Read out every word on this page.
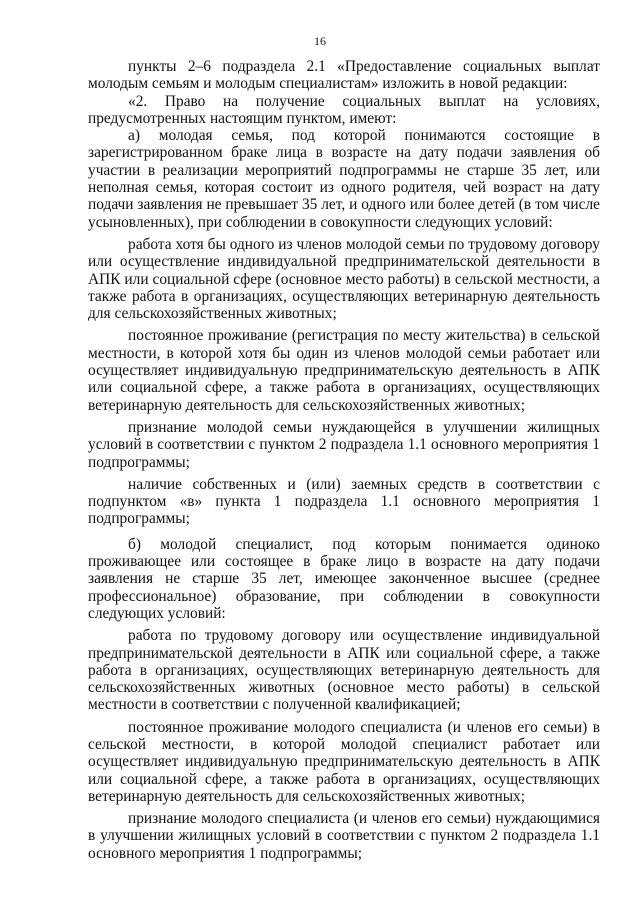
16

пункты 2–6 подраздела 2.1 «Предоставление социальных выплат молодым семьям и молодым специалистам» изложить в новой редакции:

«2. Право на получение социальных выплат на условиях, предусмотренных настоящим пунктом, имеют:

а) молодая семья, под которой понимаются состоящие в зарегистрированном браке лица в возрасте на дату подачи заявления об участии в реализации мероприятий подпрограммы не старше 35 лет, или неполная семья, которая состоит из одного родителя, чей возраст на дату подачи заявления не превышает 35 лет, и одного или более детей (в том числе усыновленных), при соблюдении в совокупности следующих условий:

работа хотя бы одного из членов молодой семьи по трудовому договору или осуществление индивидуальной предпринимательской деятельности в АПК или социальной сфере (основное место работы) в сельской местности, а также работа в организациях, осуществляющих ветеринарную деятельность для сельскохозяйственных животных;

постоянное проживание (регистрация по месту жительства) в сельской местности, в которой хотя бы один из членов молодой семьи работает или осуществляет индивидуальную предпринимательскую деятельность в АПК или социальной сфере, а также работа в организациях, осуществляющих ветеринарную деятельность для сельскохозяйственных животных;

признание молодой семьи нуждающейся в улучшении жилищных условий в соответствии с пунктом 2 подраздела 1.1 основного мероприятия 1 подпрограммы;

наличие собственных и (или) заемных средств в соответствии с подпунктом «в» пункта 1 подраздела 1.1 основного мероприятия 1 подпрограммы;

б) молодой специалист, под которым понимается одиноко проживающее или состоящее в браке лицо в возрасте на дату подачи заявления не старше 35 лет, имеющее законченное высшее (среднее профессиональное) образование, при соблюдении в совокупности следующих условий:

работа по трудовому договору или осуществление индивидуальной предпринимательской деятельности в АПК или социальной сфере, а также работа в организациях, осуществляющих ветеринарную деятельность для сельскохозяйственных животных (основное место работы) в сельской местности в соответствии с полученной квалификацией;

постоянное проживание молодого специалиста (и членов его семьи) в сельской местности, в которой молодой специалист работает или осуществляет индивидуальную предпринимательскую деятельность в АПК или социальной сфере, а также работа в организациях, осуществляющих ветеринарную деятельность для сельскохозяйственных животных;

признание молодого специалиста (и членов его семьи) нуждающимися в улучшении жилищных условий в соответствии с пунктом 2 подраздела 1.1 основного мероприятия 1 подпрограммы;
